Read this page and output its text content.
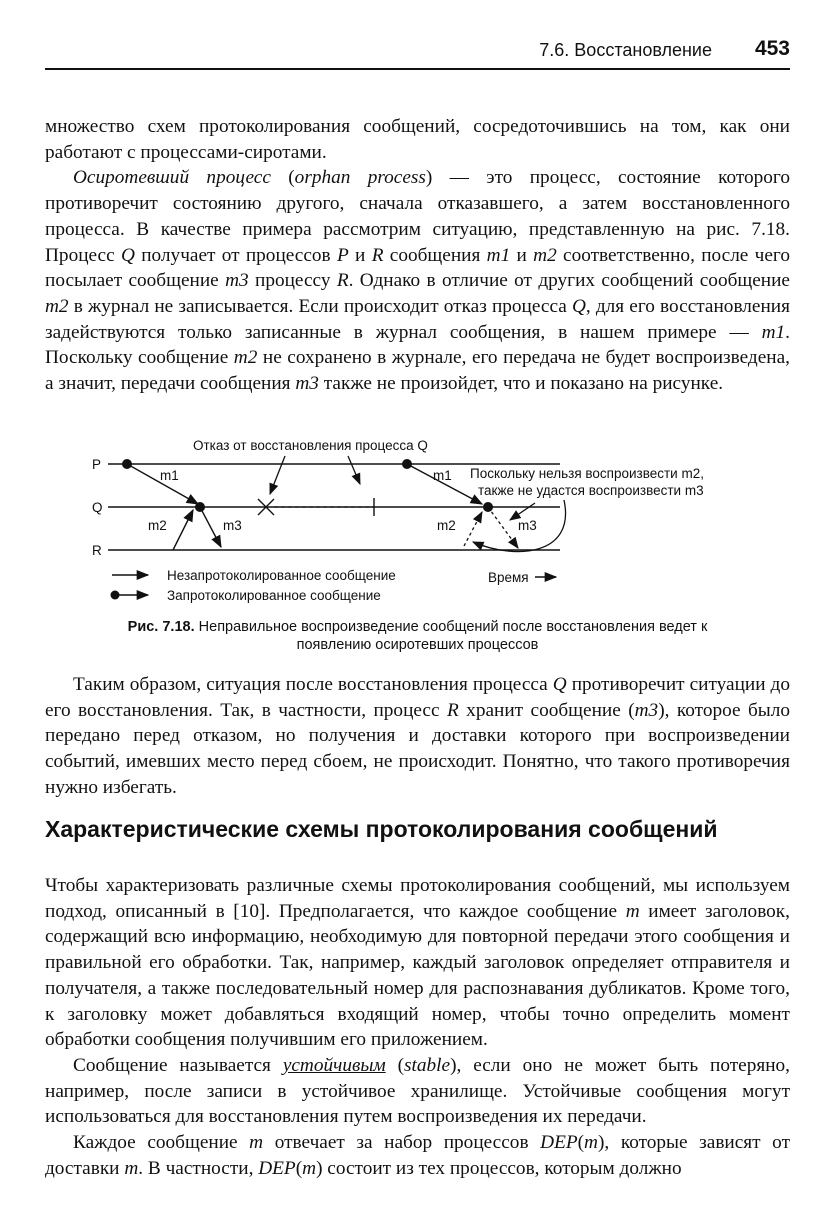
7.6. Восстановление 453

множество схем протоколирования сообщений, сосредоточившись на том, как они работают с процессами-сиротами.

Осиротевший процесс (orphan process) — это процесс, состояние которого противоречит состоянию другого, сначала отказавшего, а затем восстановленного процесса. В качестве примера рассмотрим ситуацию, представленную на рис. 7.18. Процесс Q получает от процессов P и R сообщения m1 и m2 соответственно, после чего посылает сообщение m3 процессу R. Однако в отличие от других сообщений сообщение m2 в журнал не записывается. Если происходит отказ процесса Q, для его восстановления задействуются только записанные в журнал сообщения, в нашем примере — m1. Поскольку сообщение m2 не сохранено в журнале, его передача не будет воспроизведена, а значит, передачи сообщения m3 также не произойдет, что и показано на рисунке.

P
Q
R
m1
m2	m3
Отказ от восстановления процесса Q
m1
m2	m3
Поскольку нельзя воспроизвести m2,
также не удастся воспроизвести m3
Незапротоколированное сообщение
Запротоколированное сообщение
Время
Рис. 7.18. Неправильное воспроизведение сообщений после восстановления ведет к появлению осиротевших процессов

Таким образом, ситуация после восстановления процесса Q противоречит ситуации до его восстановления. Так, в частности, процесс R хранит сообщение (m3), которое было передано перед отказом, но получения и доставки которого при воспроизведении событий, имевших место перед сбоем, не происходит. Понятно, что такого противоречия нужно избегать.

Характеристические схемы протоколирования сообщений

Чтобы характеризовать различные схемы протоколирования сообщений, мы используем подход, описанный в [10]. Предполагается, что каждое сообщение m имеет заголовок, содержащий всю информацию, необходимую для повторной передачи этого сообщения и правильной его обработки. Так, например, каждый заголовок определяет отправителя и получателя, а также последовательный номер для распознавания дубликатов. Кроме того, к заголовку может добавляться входящий номер, чтобы точно определить момент обработки сообщения получившим его приложением.

Сообщение называется устойчивым (stable), если оно не может быть потеряно, например, после записи в устойчивое хранилище. Устойчивые сообщения могут использоваться для восстановления путем воспроизведения их передачи.

Каждое сообщение m отвечает за набор процессов DEP(m), которые зависят от доставки m. В частности, DEP(m) состоит из тех процессов, которым должно
